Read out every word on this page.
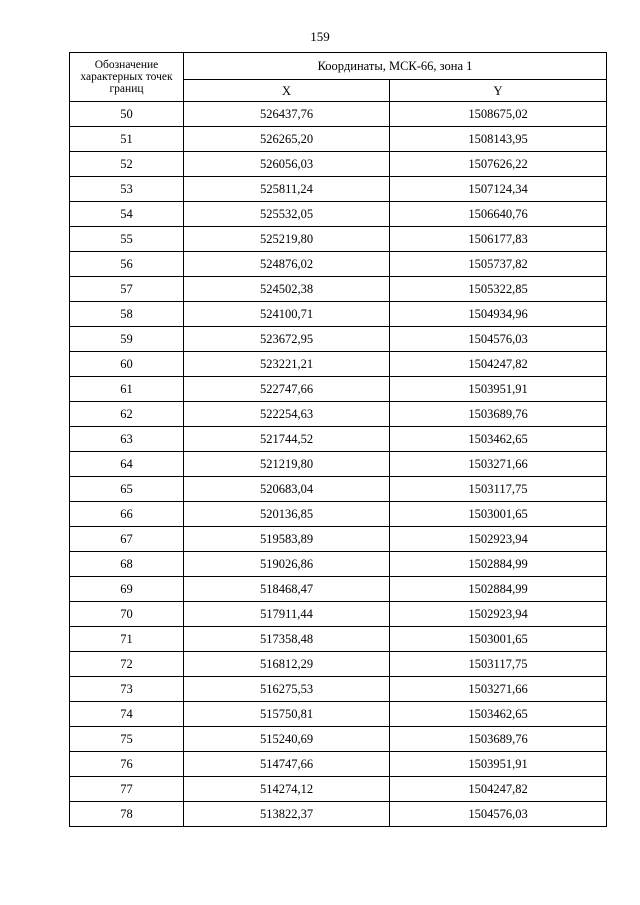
159
Обозначение характерных точек границ	Координаты, МСК-66, зона 1	
	X	Y
50	526437,76	1508675,02
51	526265,20	1508143,95
52	526056,03	1507626,22
53	525811,24	1507124,34
54	525532,05	1506640,76
55	525219,80	1506177,83
56	524876,02	1505737,82
57	524502,38	1505322,85
58	524100,71	1504934,96
59	523672,95	1504576,03
60	523221,21	1504247,82
61	522747,66	1503951,91
62	522254,63	1503689,76
63	521744,52	1503462,65
64	521219,80	1503271,66
65	520683,04	1503117,75
66	520136,85	1503001,65
67	519583,89	1502923,94
68	519026,86	1502884,99
69	518468,47	1502884,99
70	517911,44	1502923,94
71	517358,48	1503001,65
72	516812,29	1503117,75
73	516275,53	1503271,66
74	515750,81	1503462,65
75	515240,69	1503689,76
76	514747,66	1503951,91
77	514274,12	1504247,82
78	513822,37	1504576,03
